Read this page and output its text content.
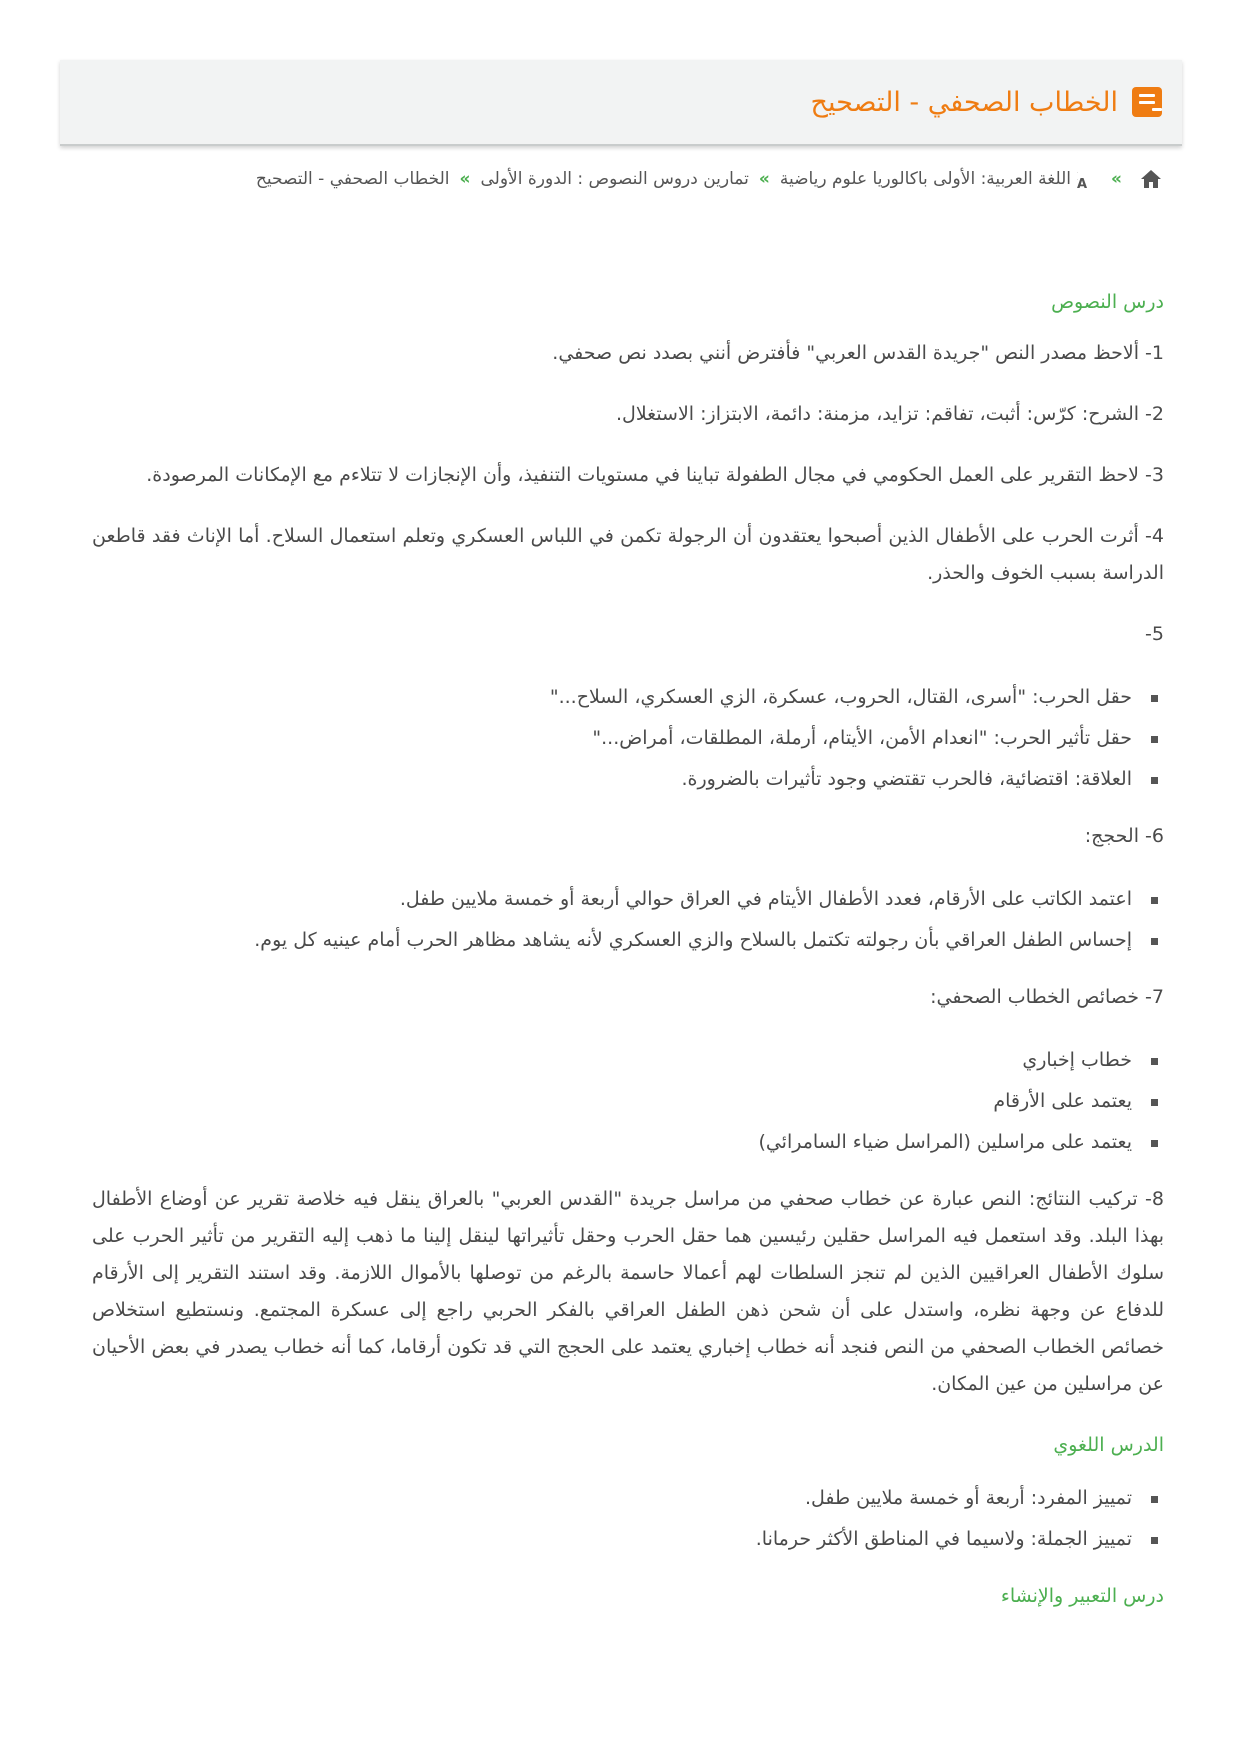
الخطاب الصحفي - التصحيح
»
A
اللغة العربية: الأولى باكالوريا علوم رياضية
»
تمارين دروس النصوص : الدورة الأولى
»
الخطاب الصحفي - التصحيح
درس النصوص

1- ألاحظ مصدر النص "جريدة القدس العربي" فأفترض أنني بصدد نص صحفي.

2- الشرح: كرّس: أثبت، تفاقم: تزايد، مزمنة: دائمة، الابتزاز: الاستغلال.

3- لاحظ التقرير على العمل الحكومي في مجال الطفولة تباينا في مستويات التنفيذ، وأن الإنجازات لا تتلاءم مع الإمكانات المرصودة.

4- أثرت الحرب على الأطفال الذين أصبحوا يعتقدون أن الرجولة تكمن في اللباس العسكري وتعلم استعمال السلاح. أما الإناث فقد قاطعن الدراسة بسبب الخوف والحذر.

5-

حقل الحرب: "أسرى، القتال، الحروب، عسكرة، الزي العسكري، السلاح..."
حقل تأثير الحرب: "انعدام الأمن، الأيتام، أرملة، المطلقات، أمراض..."
العلاقة: اقتضائية، فالحرب تقتضي وجود تأثيرات بالضرورة.

6- الحجج:

اعتمد الكاتب على الأرقام، فعدد الأطفال الأيتام في العراق حوالي أربعة أو خمسة ملايين طفل.
إحساس الطفل العراقي بأن رجولته تكتمل بالسلاح والزي العسكري لأنه يشاهد مظاهر الحرب أمام عينيه كل يوم.

7- خصائص الخطاب الصحفي:

خطاب إخباري
يعتمد على الأرقام
يعتمد على مراسلين (المراسل ضياء السامرائي)

8- تركيب النتائج: النص عبارة عن خطاب صحفي من مراسل جريدة "القدس العربي" بالعراق ينقل فيه خلاصة تقرير عن أوضاع الأطفال بهذا البلد. وقد استعمل فيه المراسل حقلين رئيسين هما حقل الحرب وحقل تأثيراتها لينقل إلينا ما ذهب إليه التقرير من تأثير الحرب على سلوك الأطفال العراقيين الذين لم تنجز السلطات لهم أعمالا حاسمة بالرغم من توصلها بالأموال اللازمة. وقد استند التقرير إلى الأرقام للدفاع عن وجهة نظره، واستدل على أن شحن ذهن الطفل العراقي بالفكر الحربي راجع إلى عسكرة المجتمع. ونستطيع استخلاص خصائص الخطاب الصحفي من النص فنجد أنه خطاب إخباري يعتمد على الحجج التي قد تكون أرقاما، كما أنه خطاب يصدر في بعض الأحيان عن مراسلين من عين المكان.

الدرس اللغوي
تمييز المفرد: أربعة أو خمسة ملايين طفل.
تمييز الجملة: ولاسيما في المناطق الأكثر حرمانا.
درس التعبير والإنشاء
